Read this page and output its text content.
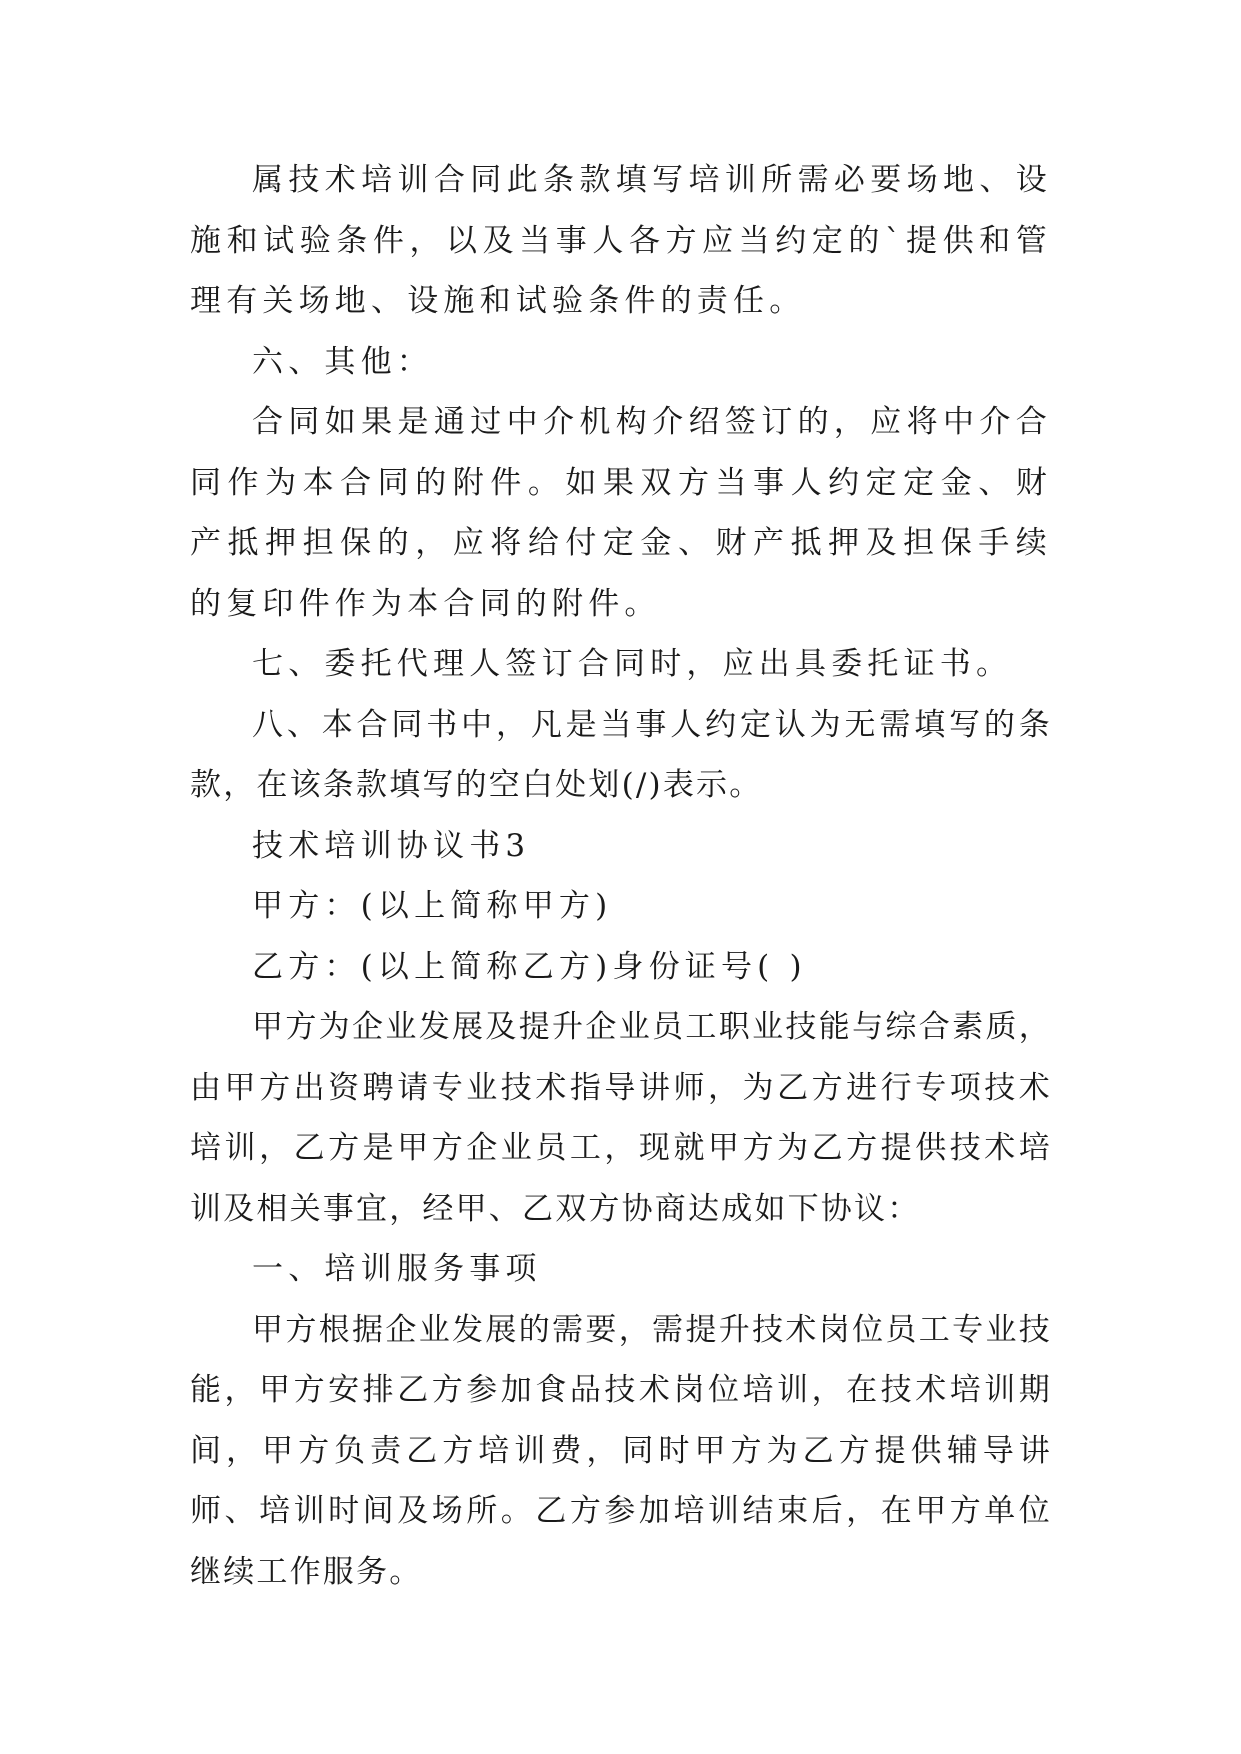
属技术培训合同此条款填写培训所需必要场地、设施和试验条件，以及当事人各方应当约定的`提供和管理有关场地、设施和试验条件的责任。

六、其他：

合同如果是通过中介机构介绍签订的，应将中介合同作为本合同的附件。如果双方当事人约定定金、财产抵押担保的，应将给付定金、财产抵押及担保手续的复印件作为本合同的附件。

七、委托代理人签订合同时，应出具委托证书。

八、本合同书中，凡是当事人约定认为无需填写的条款，在该条款填写的空白处划(/)表示。

技术培训协议书3

甲方：(以上简称甲方)

乙方：(以上简称乙方)身份证号( )

甲方为企业发展及提升企业员工职业技能与综合素质，由甲方出资聘请专业技术指导讲师，为乙方进行专项技术培训，乙方是甲方企业员工，现就甲方为乙方提供技术培训及相关事宜，经甲、乙双方协商达成如下协议：

一、培训服务事项

甲方根据企业发展的需要，需提升技术岗位员工专业技能，甲方安排乙方参加食品技术岗位培训，在技术培训期间，甲方负责乙方培训费，同时甲方为乙方提供辅导讲师、培训时间及场所。乙方参加培训结束后，在甲方单位继续工作服务。
